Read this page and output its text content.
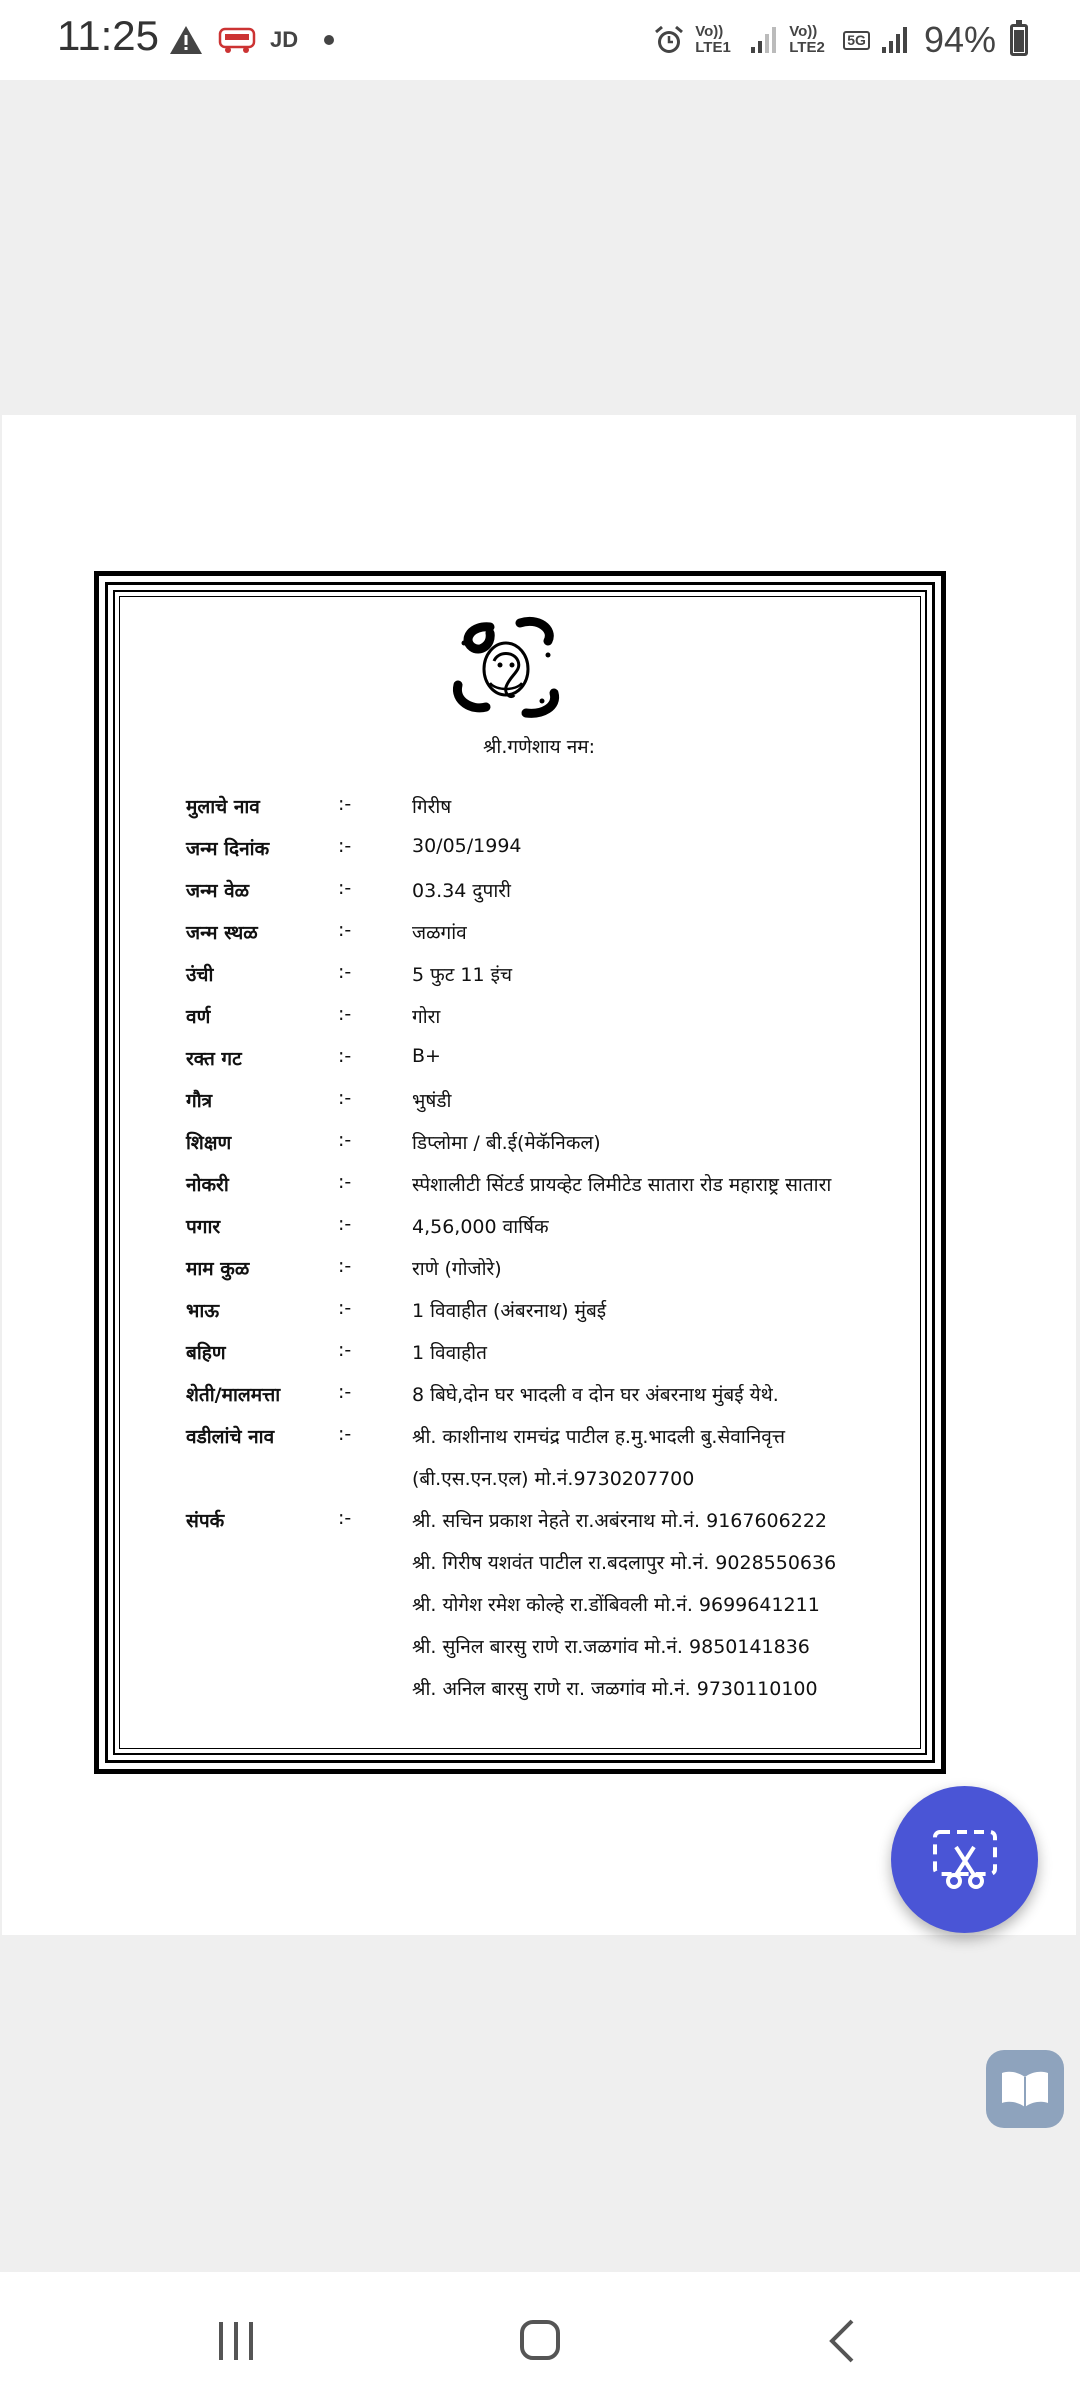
11:25	JD	Vo)) LTE1
Vo)) LTE2	5G 94%
श्री.गणेशाय नम:
मुलाचे नाव	:-	गिरीष
जन्म दिनांक	:-	30/05/1994
जन्म वेळ	:-	03.34 दुपारी
जन्म स्थळ	:-	जळगांव
उंची	:-	5 फुट 11 इंच
वर्ण	:-	गोरा
रक्त गट	:-	B+
गौत्र	:-	भुषंडी
शिक्षण	:-	डिप्लोमा / बी.ई(मेकॅनिकल)
नोकरी	:-	स्पेशालीटी सिंटर्ड प्रायव्हेट लिमीटेड सातारा रोड महाराष्ट्र सातारा
पगार	:-	4,56,000 वार्षिक
माम कुळ	:-	राणे (गोजोरे)
भाऊ	:-	1 विवाहीत (अंबरनाथ) मुंबई
बहिण	:-	1 विवाहीत
शेती/मालमत्ता	:-	8 बिघे,दोन घर भादली व दोन घर अंबरनाथ मुंबई येथे.
वडीलांचे नाव	:-	श्री. काशीनाथ रामचंद्र पाटील ह.मु.भादली बु.सेवानिवृत्त
(बी.एस.एन.एल) मो.नं.9730207700
संपर्क	:-	श्री. सचिन प्रकाश नेहते रा.अबंरनाथ मो.नं. 9167606222
श्री. गिरीष यशवंत पाटील रा.बदलापुर मो.नं. 9028550636
श्री. योगेश रमेश कोल्हे रा.डोंबिवली मो.नं. 9699641211
श्री. सुनिल बारसु राणे रा.जळगांव मो.नं. 9850141836
श्री. अनिल बारसु राणे रा. जळगांव मो.नं. 9730110100
